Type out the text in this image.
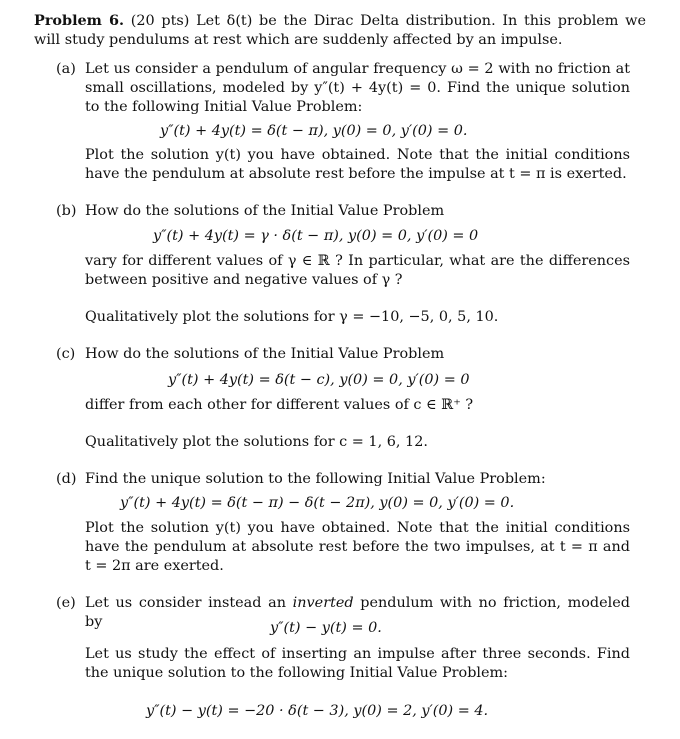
Problem 6. (20 pts) Let δ(t) be the Dirac Delta distribution. In this problem we will study pendulums at rest which are suddenly affected by an impulse.
(a) Let us consider a pendulum of angular frequency ω = 2 with no friction at small oscillations, modeled by y″(t) + 4y(t) = 0. Find the unique solution to the following Initial Value Problem:
y″(t) + 4y(t) = δ(t − π), y(0) = 0, y′(0) = 0.
Plot the solution y(t) you have obtained. Note that the initial conditions have the pendulum at absolute rest before the impulse at t = π is exerted.
(b) How do the solutions of the Initial Value Problem
y″(t) + 4y(t) = γ · δ(t − π), y(0) = 0, y′(0) = 0
vary for different values of γ ∈ ℝ ? In particular, what are the differences between positive and negative values of γ ?
Qualitatively plot the solutions for γ = −10, −5, 0, 5, 10.
(c) How do the solutions of the Initial Value Problem
y″(t) + 4y(t) = δ(t − c), y(0) = 0, y′(0) = 0
differ from each other for different values of c ∈ ℝ⁺ ?
Qualitatively plot the solutions for c = 1, 6, 12.
(d) Find the unique solution to the following Initial Value Problem:
y″(t) + 4y(t) = δ(t − π) − δ(t − 2π), y(0) = 0, y′(0) = 0.
Plot the solution y(t) you have obtained. Note that the initial conditions have the pendulum at absolute rest before the two impulses, at t = π and t = 2π are exerted.
(e) Let us consider instead an inverted pendulum with no friction, modeled by	y″(t) − y(t) = 0.
Let us study the effect of inserting an impulse after three seconds. Find the unique solution to the following Initial Value Problem:
y″(t) − y(t) = −20 · δ(t − 3), y(0) = 2, y′(0) = 4.
